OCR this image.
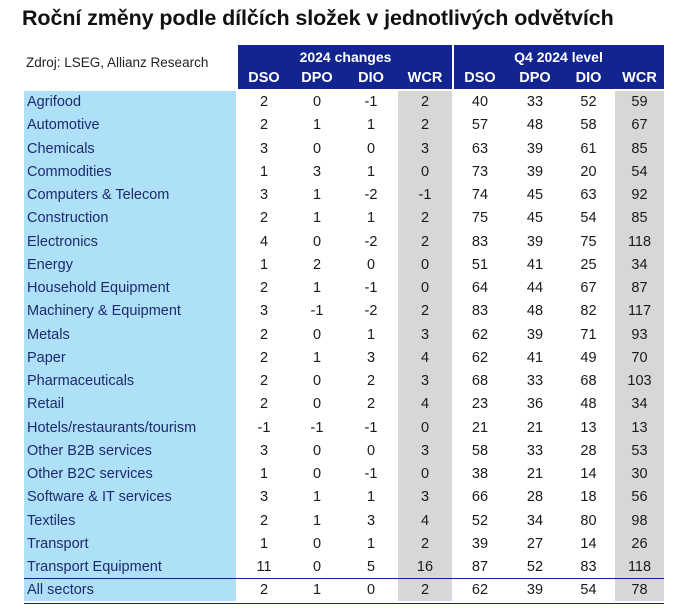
Roční změny podle dílčích složek v jednotlivých odvětvích
Zdroj: LSEG, Allianz Research	2024 changes	Q4 2024 level
DSO	DPO	DIO	WCR	DSO	DPO	DIO	WCR
Agrifood	2	0	-1	2	40	33	52	59
Automotive	2	1	1	2	57	48	58	67
Chemicals	3	0	0	3	63	39	61	85
Commodities	1	3	1	0	73	39	20	54
Computers & Telecom	3	1	-2	-1	74	45	63	92
Construction	2	1	1	2	75	45	54	85
Electronics	4	0	-2	2	83	39	75	118
Energy	1	2	0	0	51	41	25	34
Household Equipment	2	1	-1	0	64	44	67	87
Machinery & Equipment	3	-1	-2	2	83	48	82	117
Metals	2	0	1	3	62	39	71	93
Paper	2	1	3	4	62	41	49	70
Pharmaceuticals	2	0	2	3	68	33	68	103
Retail	2	0	2	4	23	36	48	34
Hotels/restaurants/tourism	-1	-1	-1	0	21	21	13	13
Other B2B services	3	0	0	3	58	33	28	53
Other B2C services	1	0	-1	0	38	21	14	30
Software & IT services	3	1	1	3	66	28	18	56
Textiles	2	1	3	4	52	34	80	98
Transport	1	0	1	2	39	27	14	26
Transport Equipment	11	0	5	16	87	52	83	118
All sectors	2	1	0	2	62	39	54	78
